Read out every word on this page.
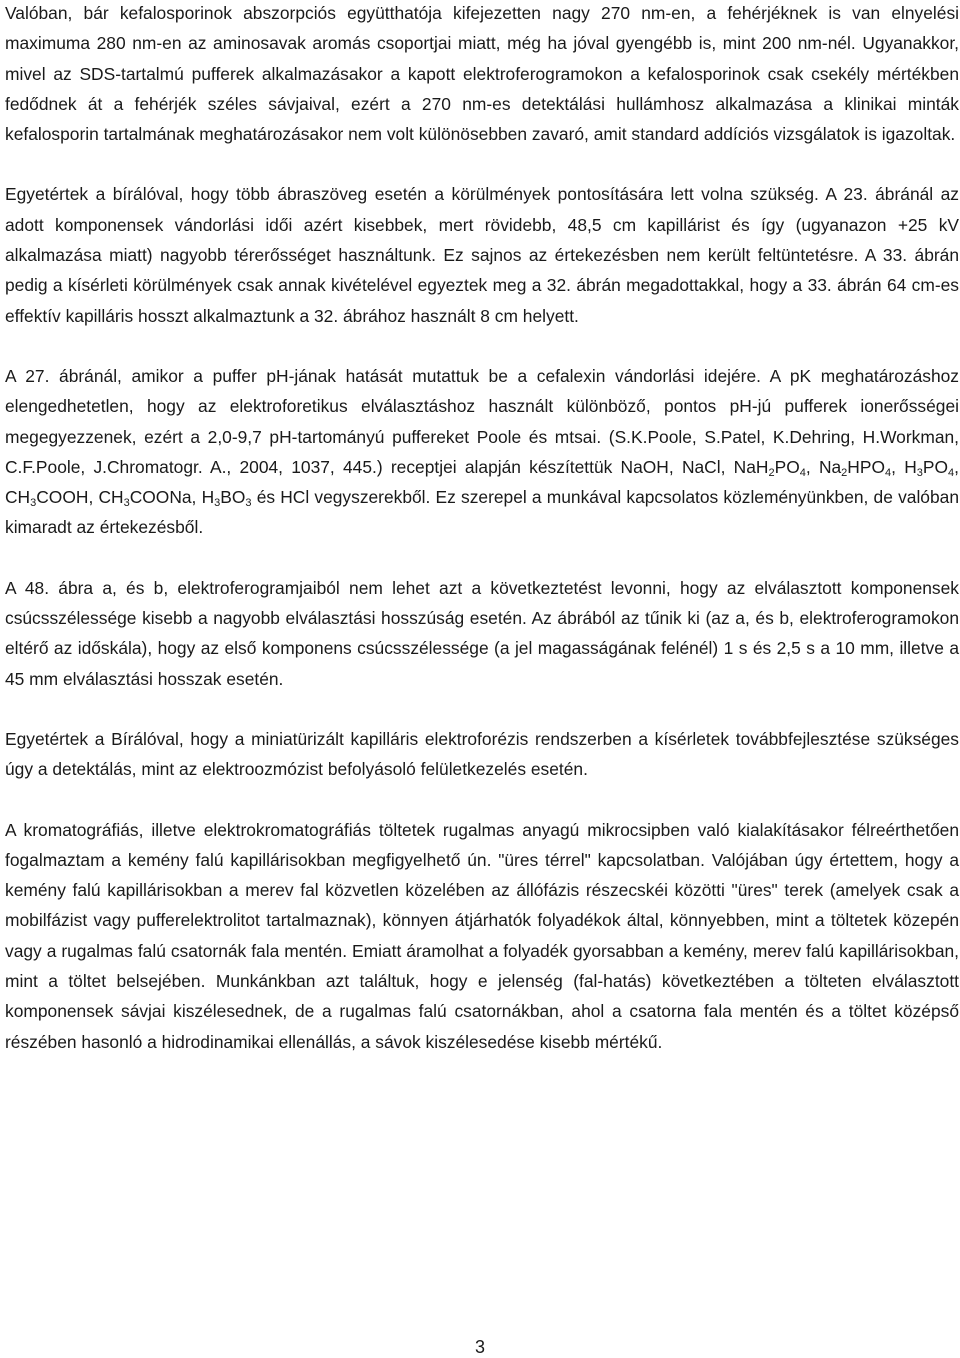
Valóban, bár kefalosporinok abszorpciós együtthatója kifejezetten nagy 270 nm-en, a fehérjéknek is van elnyelési maximuma 280 nm-en az aminosavak aromás csoportjai miatt, még ha jóval gyengébb is, mint 200 nm-nél. Ugyanakkor, mivel az SDS-tartalmú pufferek alkalmazásakor a kapott elektroferogramokon a kefalosporinok csak csekély mértékben fedődnek át a fehérjék széles sávjaival, ezért a 270 nm-es detektálási hullámhosz alkalmazása a klinikai minták kefalosporin tartalmának meghatározásakor nem volt különösebben zavaró, amit standard addíciós vizsgálatok is igazoltak.

Egyetértek a bírálóval, hogy több ábraszöveg esetén a körülmények pontosítására lett volna szükség. A 23. ábránál az adott komponensek vándorlási idői azért kisebbek, mert rövidebb, 48,5 cm kapillárist és így (ugyanazon +25 kV alkalmazása miatt) nagyobb térerősséget használtunk. Ez sajnos az értekezésben nem került feltüntetésre. A 33. ábrán pedig a kísérleti körülmények csak annak kivételével egyeztek meg a 32. ábrán megadottakkal, hogy a 33. ábrán 64 cm-es effektív kapilláris hosszt alkalmaztunk a 32. ábrához használt 8 cm helyett.

A 27. ábránál, amikor a puffer pH-jának hatását mutattuk be a cefalexin vándorlási idejére. A pK meghatározáshoz elengedhetetlen, hogy az elektroforetikus elválasztáshoz használt különböző, pontos pH-jú pufferek ionerősségei megegyezzenek, ezért a 2,0-9,7 pH-tartományú puffereket Poole és mtsai. (S.K.Poole, S.Patel, K.Dehring, H.Workman, C.F.Poole, J.Chromatogr. A., 2004, 1037, 445.) receptjei alapján készítettük NaOH, NaCl, $NaH_2PO_4$, $Na_2HPO_4$, $H_3PO_4$, $CH_3COOH$, $CH_3COONa$, $H_3BO_3$ és HCl vegyszerekből. Ez szerepel a munkával kapcsolatos közleményünkben, de valóban kimaradt az értekezésből.

A 48. ábra a, és b, elektroferogramjaiból nem lehet azt a következtetést levonni, hogy az elválasztott komponensek csúcsszélessége kisebb a nagyobb elválasztási hosszúság esetén. Az ábrából az tűnik ki (az a, és b, elektroferogramokon eltérő az időskála), hogy az első komponens csúcsszélessége (a jel magasságának felénél) 1 s és 2,5 s a 10 mm, illetve a 45 mm elválasztási hosszak esetén.

Egyetértek a Bírálóval, hogy a miniatürizált kapilláris elektroforézis rendszerben a kísérletek továbbfejlesztése szükséges úgy a detektálás, mint az elektroozmózist befolyásoló felületkezelés esetén.

A kromatográfiás, illetve elektrokromatográfiás töltetek rugalmas anyagú mikrocsipben való kialakításakor félreérthetően fogalmaztam a kemény falú kapillárisokban megfigyelhető ún. "üres térrel" kapcsolatban. Valójában úgy értettem, hogy a kemény falú kapillárisokban a merev fal közvetlen közelében az állófázis részecskéi közötti "üres" terek (amelyek csak a mobilfázist vagy pufferelektrolitot tartalmaznak), könnyen átjárhatók folyadékok által, könnyebben, mint a töltetek közepén vagy a rugalmas falú csatornák fala mentén. Emiatt áramolhat a folyadék gyorsabban a kemény, merev falú kapillárisokban, mint a töltet belsejében. Munkánkban azt találtuk, hogy e jelenség (fal-hatás) következtében a tölteten elválasztott komponensek sávjai kiszélesednek, de a rugalmas falú csatornákban, ahol a csatorna fala mentén és a töltet középső részében hasonló a hidrodinamikai ellenállás, a sávok kiszélesedése kisebb mértékű.

3
